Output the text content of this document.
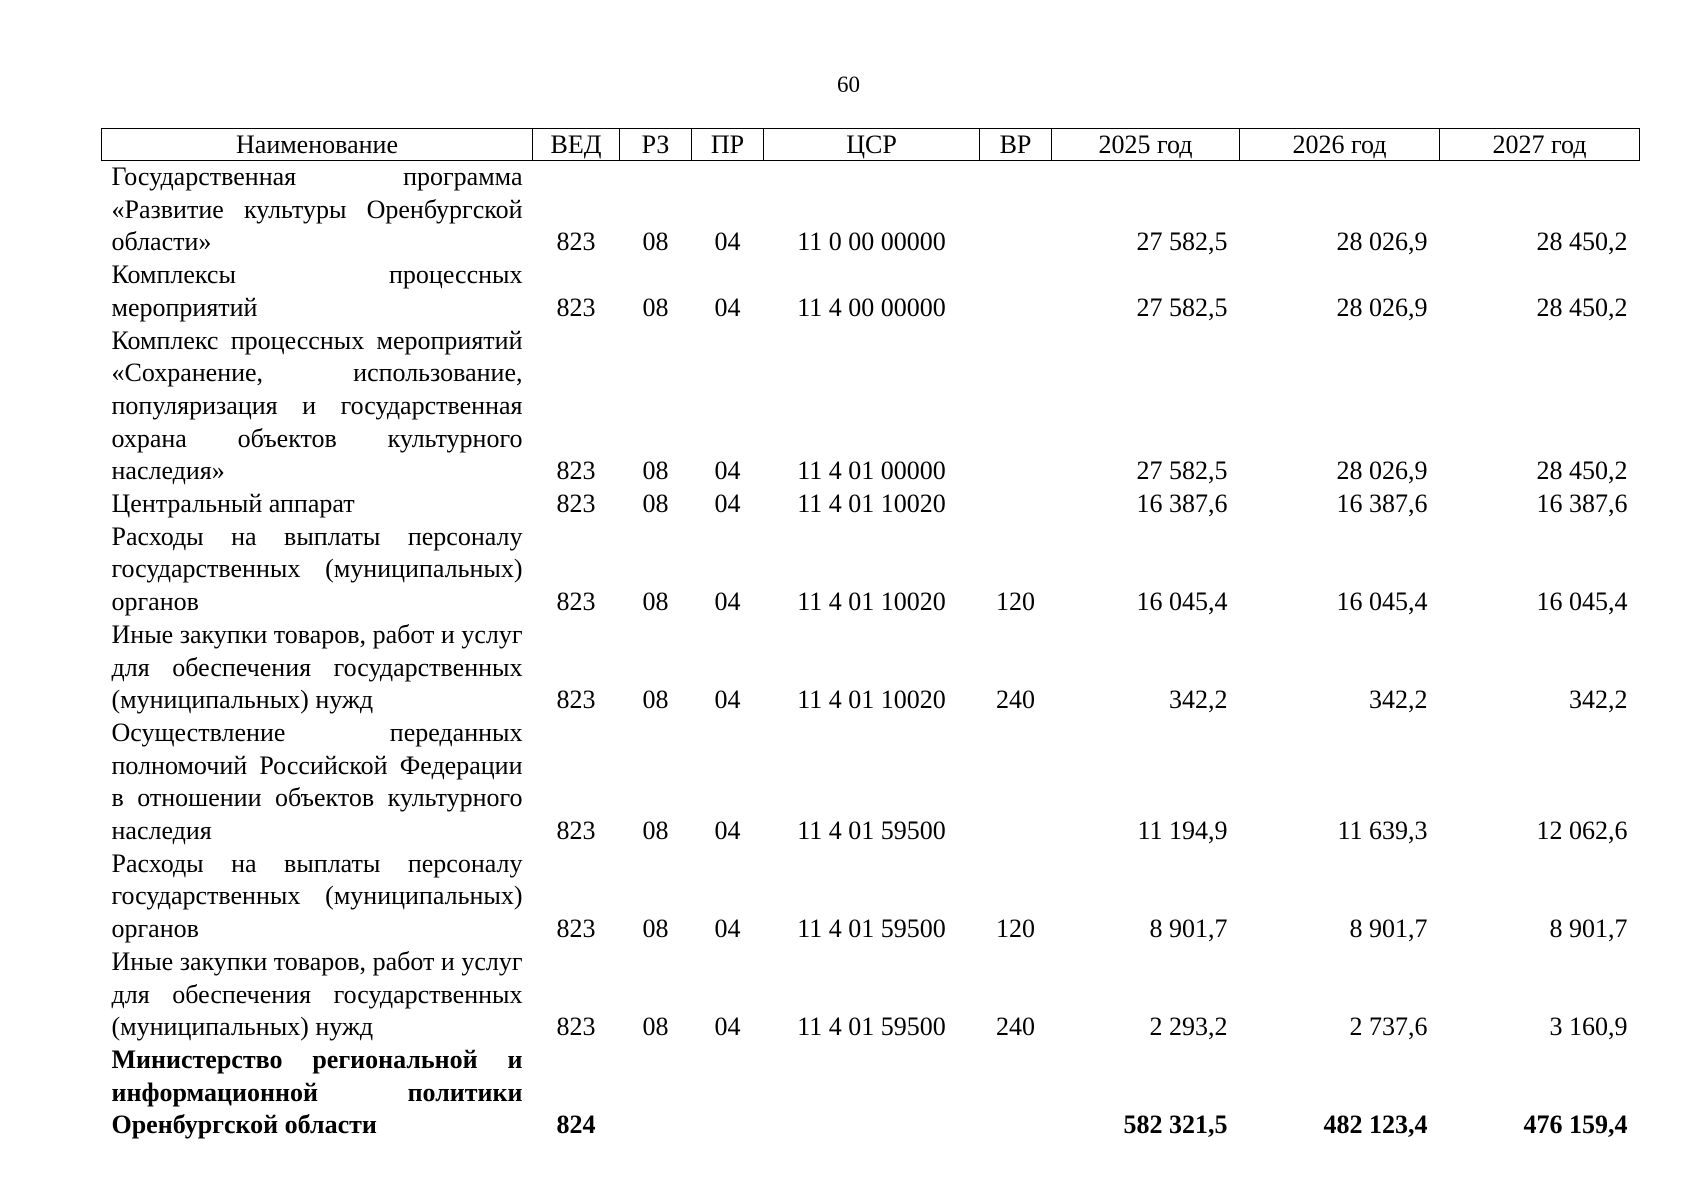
60
Наименование	ВЕД	РЗ	ПР	ЦСР	ВР	2025 год	2026 год	2027 год
Государственная программа «Развитие культуры Оренбургской области»	823	08	04	11 0 00 00000		27 582,5	28 026,9	28 450,2
Комплексы процессных мероприятий	823	08	04	11 4 00 00000		27 582,5	28 026,9	28 450,2
Комплекс процессных мероприятий «Сохранение, использование, популяризация и государственная охрана объектов культурного наследия»	823	08	04	11 4 01 00000		27 582,5	28 026,9	28 450,2
Центральный аппарат	823	08	04	11 4 01 10020		16 387,6	16 387,6	16 387,6
Расходы на выплаты персоналу государственных (муниципальных) органов	823	08	04	11 4 01 10020	120	16 045,4	16 045,4	16 045,4
Иные закупки товаров, работ и услуг для обеспечения государственных (муниципальных) нужд	823	08	04	11 4 01 10020	240	342,2	342,2	342,2
Осуществление переданных полномочий Российской Федерации в отношении объектов культурного наследия	823	08	04	11 4 01 59500		11 194,9	11 639,3	12 062,6
Расходы на выплаты персоналу государственных (муниципальных) органов	823	08	04	11 4 01 59500	120	8 901,7	8 901,7	8 901,7
Иные закупки товаров, работ и услуг для обеспечения государственных (муниципальных) нужд	823	08	04	11 4 01 59500	240	2 293,2	2 737,6	3 160,9
Министерство региональной и информационной политики Оренбургской области	824					582 321,5	482 123,4	476 159,4
